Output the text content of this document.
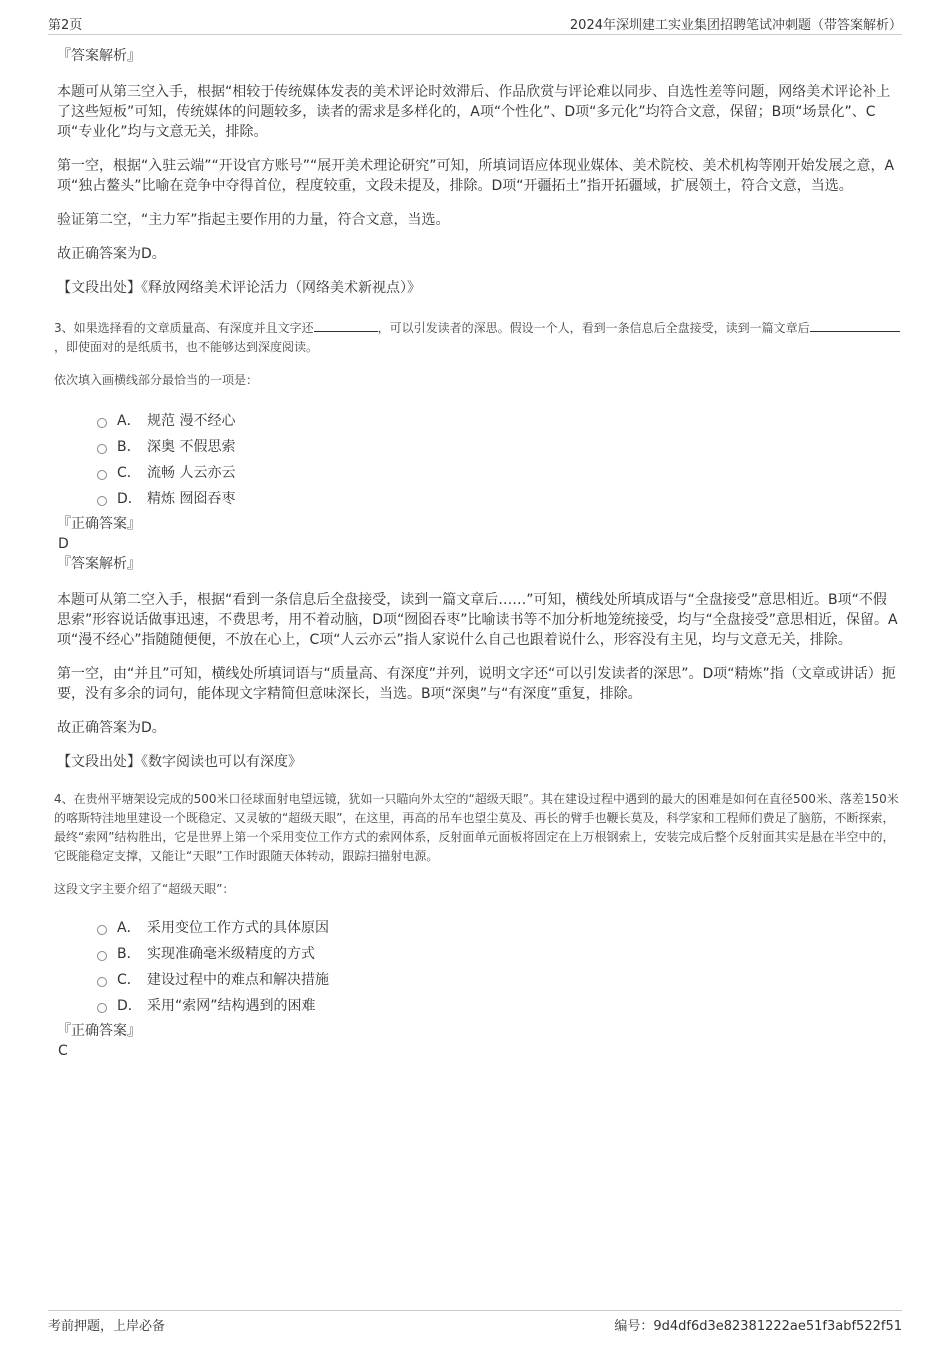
第2页	2024年深圳建工实业集团招聘笔试冲刺题（带答案解析）
『答案解析』

本题可从第三空入手，根据“相较于传统媒体发表的美术评论时效滞后、作品欣赏与评论难以同步、自选性差等问题，网络美术评论补上了这些短板”可知，传统媒体的问题较多，读者的需求是多样化的，A项“个性化”、D项“多元化”均符合文意，保留；B项“场景化”、C项“专业化”均与文意无关，排除。

第一空，根据“入驻云端”“开设官方账号”“展开美术理论研究”可知，所填词语应体现业媒体、美术院校、美术机构等刚开始发展之意，A项“独占鳌头”比喻在竞争中夺得首位，程度较重，文段未提及，排除。D项“开疆拓土”指开拓疆域，扩展领土，符合文意，当选。

验证第二空，“主力军”指起主要作用的力量，符合文意，当选。

故正确答案为D。

【文段出处】《释放网络美术评论活力（网络美术新视点）》

3、如果选择看的文章质量高、有深度并且文字还	，可以引发读者的深思。假设一个人，看到一条信息后全盘接受，读到一篇文章后，即使面对的是纸质书，也不能够达到深度阅读。

依次填入画横线部分最恰当的一项是：

A． 规范 漫不经心
B． 深奥 不假思索
C． 流畅 人云亦云
D． 精炼 囫囵吞枣
『正确答案』
D
『答案解析』

本题可从第二空入手，根据“看到一条信息后全盘接受，读到一篇文章后……”可知，横线处所填成语与“全盘接受”意思相近。B项“不假思索”形容说话做事迅速，不费思考，用不着动脑，D项“囫囵吞枣”比喻读书等不加分析地笼统接受，均与“全盘接受”意思相近，保留。A项“漫不经心”指随随便便，不放在心上，C项“人云亦云”指人家说什么自己也跟着说什么，形容没有主见，均与文意无关，排除。

第一空，由“并且”可知，横线处所填词语与“质量高、有深度”并列，说明文字还“可以引发读者的深思”。D项“精炼”指（文章或讲话）扼要，没有多余的词句，能体现文字精简但意味深长，当选。B项“深奥”与“有深度”重复，排除。

故正确答案为D。

【文段出处】《数字阅读也可以有深度》

4、在贵州平塘架设完成的500米口径球面射电望远镜，犹如一只瞄向外太空的“超级天眼”。其在建设过程中遇到的最大的困难是如何在直径500米、落差150米的喀斯特洼地里建设一个既稳定、又灵敏的“超级天眼”，在这里，再高的吊车也望尘莫及、再长的臂手也鞭长莫及，科学家和工程师们费足了脑筋，不断探索，最终“索网”结构胜出，它是世界上第一个采用变位工作方式的索网体系，反射面单元面板将固定在上万根钢索上，安装完成后整个反射面其实是悬在半空中的，它既能稳定支撑，又能让“天眼”工作时跟随天体转动，跟踪扫描射电源。

这段文字主要介绍了“超级天眼”：

A． 采用变位工作方式的具体原因
B． 实现准确毫米级精度的方式
C． 建设过程中的难点和解决措施
D． 采用“索网”结构遇到的困难
『正确答案』
C
考前押题，上岸必备	编号：9d4df6d3e82381222ae51f3abf522f51
